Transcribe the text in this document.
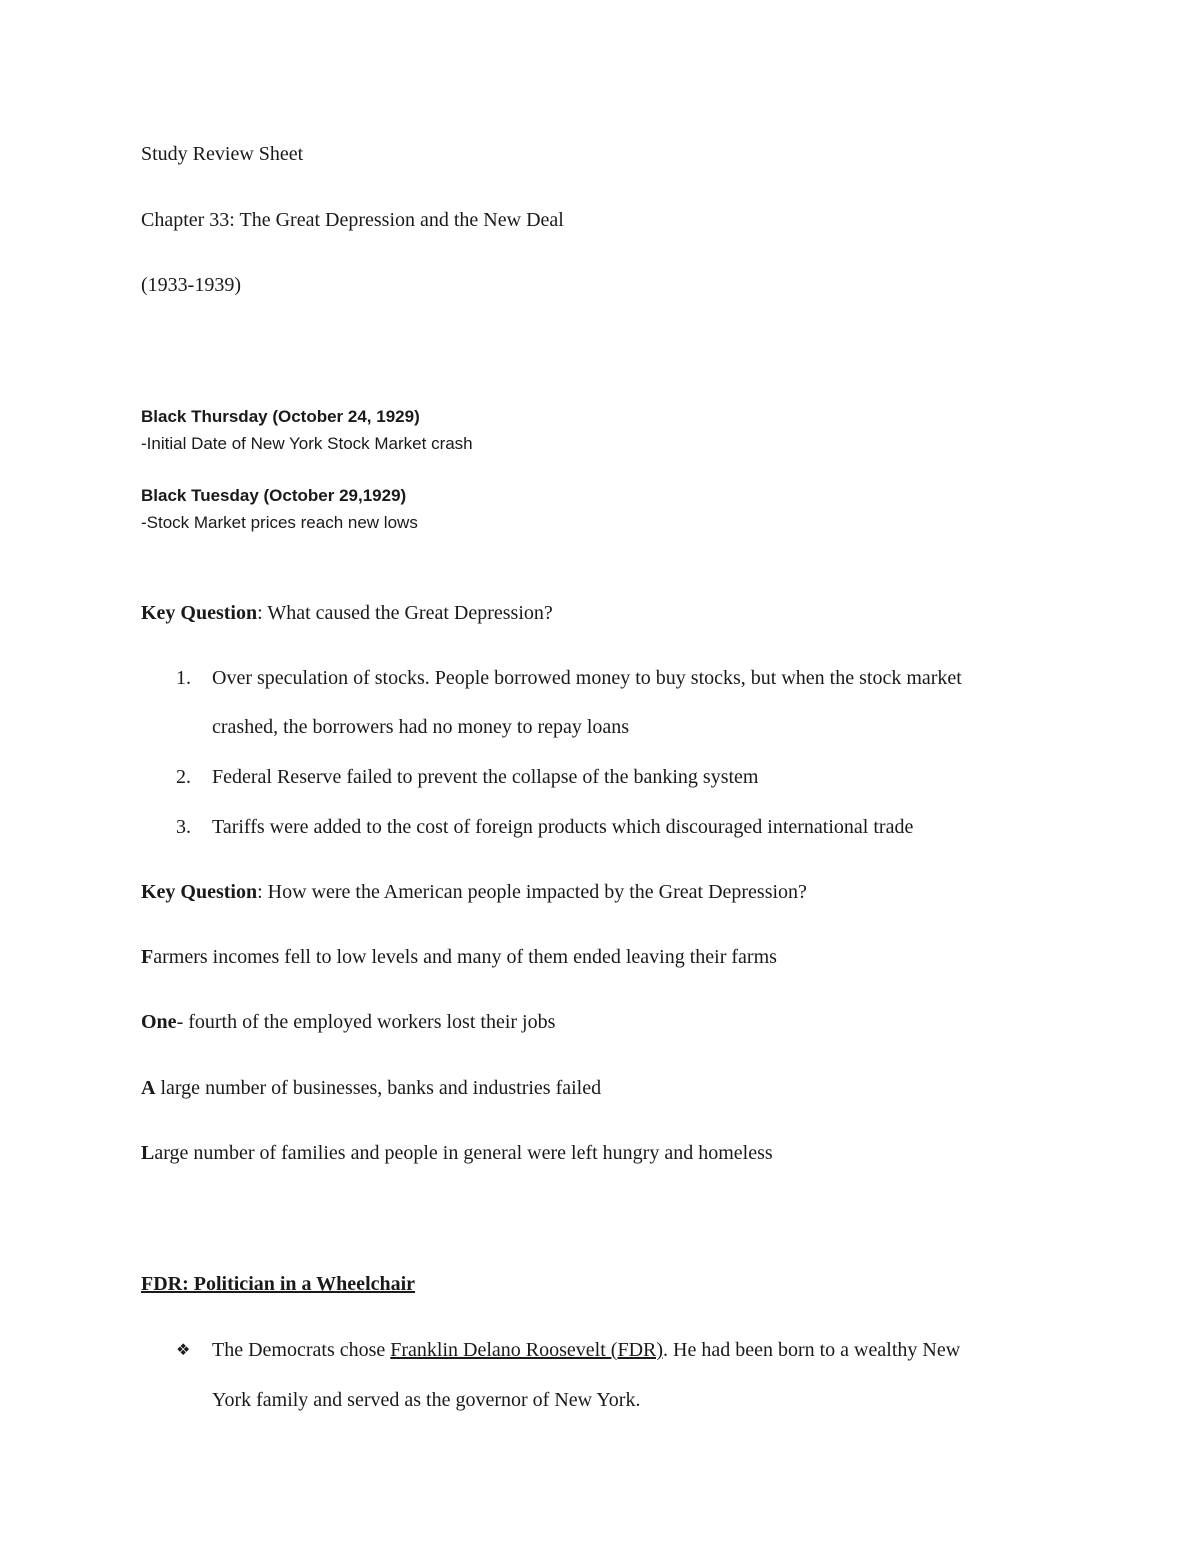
Study Review Sheet
Chapter 33: The Great Depression and the New Deal
(1933-1939)
Black Thursday (October 24, 1929)
-Initial Date of New York Stock Market crash
Black Tuesday (October 29,1929)
-Stock Market prices reach new lows
Key Question: What caused the Great Depression?
1. Over speculation of stocks. People borrowed money to buy stocks, but when the stock market
crashed, the borrowers had no money to repay loans
2. Federal Reserve failed to prevent the collapse of the banking system
3. Tariffs were added to the cost of foreign products which discouraged international trade
Key Question: How were the American people impacted by the Great Depression?
Farmers incomes fell to low levels and many of them ended leaving their farms
One- fourth of the employed workers lost their jobs
A large number of businesses, banks and industries failed
Large number of families and people in general were left hungry and homeless
FDR: Politician in a Wheelchair
❖ The Democrats chose Franklin Delano Roosevelt (FDR). He had been born to a wealthy New
York family and served as the governor of New York.
